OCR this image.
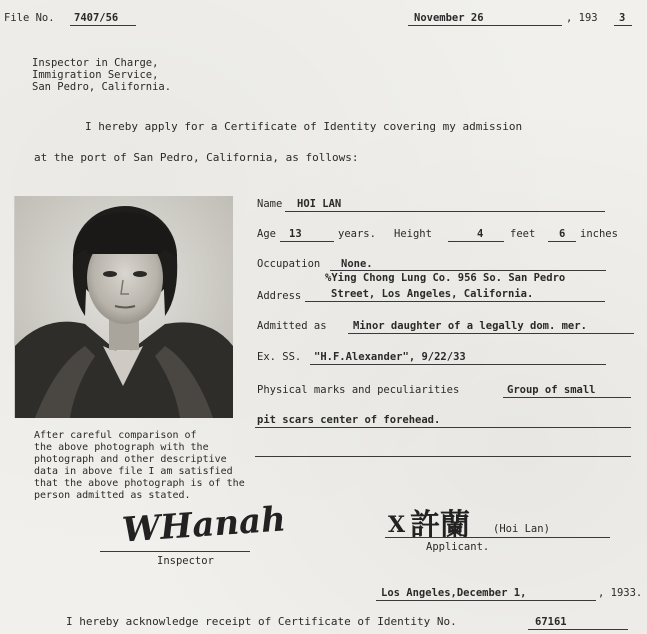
File No. 7407/56	November 26	, 193 3
Inspector in Charge,
Immigration Service,
San Pedro, California.
I hereby apply for a Certificate of Identity covering my admission
at the port of San Pedro, California, as follows:
Name HOI LAN
Age 13	years. Height	4	feet 6 inches
Occupation None.
%Ying Chong Lung Co. 956 So. San Pedro
Address	Street, Los Angeles, California.
Admitted as	Minor daughter of a legally dom. mer.
Ex. SS. "H.F.Alexander", 9/22/33
Physical marks and peculiarities	Group of small
pit scars center of forehead.
After careful comparison of
the above photograph with the
photograph and other descriptive
data in above file I am satisfied
that the above photograph is of the
person admitted as stated.
WHanah
Inspector
X 許蘭 (Hoi Lan)
Applicant.
Los Angeles,December 1,	, 1933.
I hereby acknowledge receipt of Certificate of Identity No.	67161
